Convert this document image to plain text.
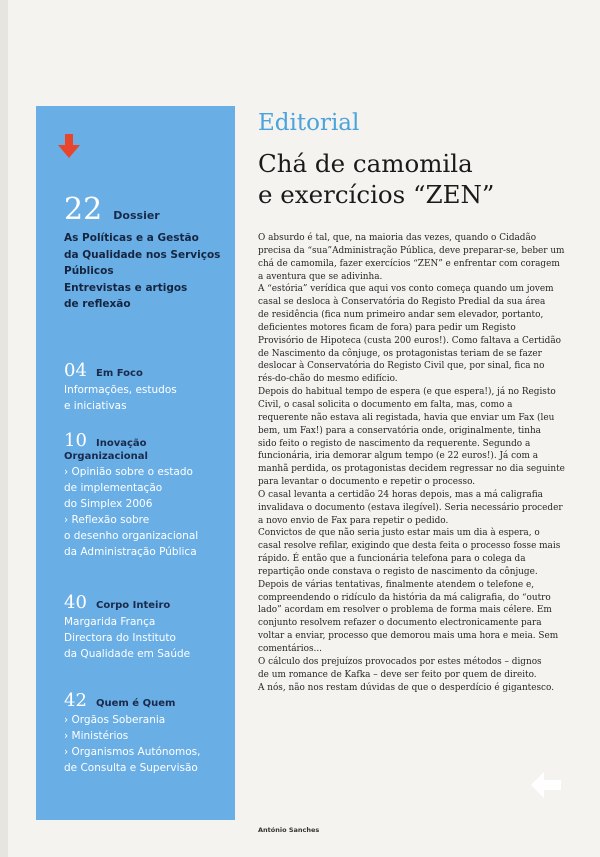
22 Dossier
As Políticas e a Gestão
da Qualidade nos Serviços
Públicos
Entrevistas e artigos
de reflexão
04 Em Foco
Informações, estudos
e iniciativas
10 Inovação
Organizacional
› Opinião sobre o estado
de implementação
do Simplex 2006
› Reflexão sobre
o desenho organizacional
da Administração Pública
40 Corpo Inteiro
Margarida França
Directora do Instituto
da Qualidade em Saúde
42 Quem é Quem
› Orgãos Soberania
› Ministérios
› Organismos Autónomos,
de Consulta e Supervisão
Editorial
Chá de camomila
e exercícios “ZEN”

O absurdo é tal, que, na maioria das vezes, quando o Cidadão

precisa da “sua”Administração Pública, deve preparar-se, beber um

chá de camomila, fazer exercícios “ZEN” e enfrentar com coragem

a aventura que se adivinha.

A “estória” verídica que aqui vos conto começa quando um jovem

casal se desloca à Conservatória do Registo Predial da sua área

de residência (fica num primeiro andar sem elevador, portanto,

deficientes motores ficam de fora) para pedir um Registo

Provisório de Hipoteca (custa 200 euros!). Como faltava a Certidão

de Nascimento da cônjuge, os protagonistas teriam de se fazer

deslocar à Conservatória do Registo Civil que, por sinal, fica no

rés-do-chão do mesmo edifício.

Depois do habitual tempo de espera (e que espera!), já no Registo

Civil, o casal solicita o documento em falta, mas, como a

requerente não estava ali registada, havia que enviar um Fax (leu

bem, um Fax!) para a conservatória onde, originalmente, tinha

sido feito o registo de nascimento da requerente. Segundo a

funcionária, iria demorar algum tempo (e 22 euros!). Já com a

manhã perdida, os protagonistas decidem regressar no dia seguinte

para levantar o documento e repetir o processo.

O casal levanta a certidão 24 horas depois, mas a má caligrafia

invalidava o documento (estava ilegível). Seria necessário proceder

a novo envio de Fax para repetir o pedido.

Convictos de que não seria justo estar mais um dia à espera, o

casal resolve refilar, exigindo que desta feita o processo fosse mais

rápido. É então que a funcionária telefona para o colega da

repartição onde constava o registo de nascimento da cônjuge.

Depois de várias tentativas, finalmente atendem o telefone e,

compreendendo o ridículo da história da má caligrafia, do “outro

lado” acordam em resolver o problema de forma mais célere. Em

conjunto resolvem refazer o documento electronicamente para

voltar a enviar, processo que demorou mais uma hora e meia. Sem

comentários...

O cálculo dos prejuízos provocados por estes métodos – dignos

de um romance de Kafka – deve ser feito por quem de direito.

A nós, não nos restam dúvidas de que o desperdício é gigantesco.

António Sanches
